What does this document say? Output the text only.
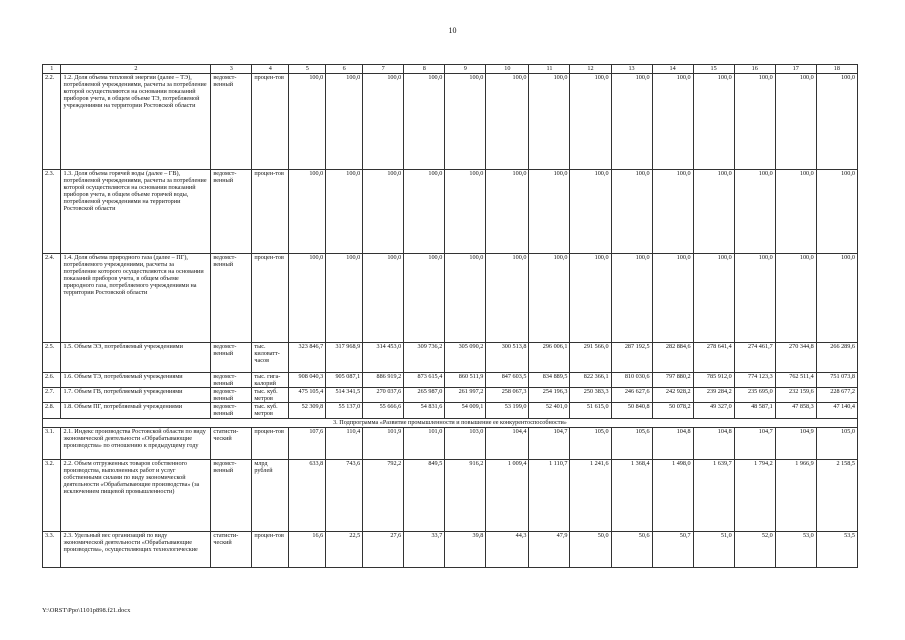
10
1	2	3	4	5	6	7	8	9	10	11	12	13	14	15	16	17	18
2.2.	1.2. Доля объема тепловой энергии (далее – ТЭ), потребляемой учреждениями, расчеты за потребление которой осуществляются на основании показаний приборов учета, в общем объеме ТЭ, потребляемой учреждениями на территории Ростовской области	ведомст-венный	процен-тов	100,0	100,0	100,0	100,0	100,0	100,0	100,0	100,0	100,0	100,0	100,0	100,0	100,0	100,0
2.3.	1.3. Доля объема горячей воды (далее – ГВ), потребляемой учреждениями, расчеты за потребление которой осуществляются на основании показаний приборов учета, в общем объеме горячей воды, потребляемой учреждениями на территории Ростовской области	ведомст-венный	процен-тов	100,0	100,0	100,0	100,0	100,0	100,0	100,0	100,0	100,0	100,0	100,0	100,0	100,0	100,0
2.4.	1.4. Доля объема природного газа (далее – ПГ), потребляемого учреждениями, расчеты за потребление которого осуществляются на основании показаний приборов учета, в общем объеме природного газа, потребляемого учреждениями на территории Ростовской области	ведомст-венный	процен-тов	100,0	100,0	100,0	100,0	100,0	100,0	100,0	100,0	100,0	100,0	100,0	100,0	100,0	100,0
2.5.	1.5. Объем ЭЭ, потребляемый учреждениями	ведомст-венный	тыс. киловатт-часов	323 846,7	317 968,9	314 453,0	309 736,2	305 090,2	300 513,8	296 006,1	291 566,0	287 192,5	282 884,6	278 641,4	274 461,7	270 344,8	266 289,6
2.6.	1.6. Объем ТЭ, потребляемый учреждениями	ведомст-венный	тыс. гига-калорий	908 040,3	905 087,1	886 919,2	873 615,4	860 511,9	847 603,5	834 889,5	822 366,1	810 030,6	797 880,2	785 912,0	774 123,3	762 511,4	751 073,8
2.7.	1.7. Объем ГВ, потребляемый учреждениями	ведомст-венный	тыс. куб. метров	475 105,4	514 341,5	270 037,6	265 987,0	261 997,2	258 067,3	254 196,3	250 383,3	246 627,6	242 928,2	239 284,2	235 695,0	232 159,6	228 677,2
2.8.	1.8. Объем ПГ, потребляемый учреждениями	ведомст-венный	тыс. куб. метров	52 309,8	55 137,0	55 666,6	54 831,6	54 009,1	53 199,0	52 401,0	51 615,0	50 840,8	50 078,2	49 327,0	48 587,1	47 858,3	47 140,4
3. Подпрограмма «Развитие промышленности и повышение ее конкурентоспособности»																	
3.1.	2.1. Индекс производства Ростовской области по виду экономической деятельности «Обрабатывающие производства» по отношению к предыдущему году	статисти-ческий	процен-тов	107,6	110,4	101,9	101,0	103,0	104,4	104,7	105,0	105,6	104,8	104,8	104,7	104,9	105,0
3.2.	2.2. Объем отгруженных товаров собственного производства, выполненных работ и услуг собственными силами по виду экономической деятельности «Обрабатывающие производства» (за исключением пищевой промышленности)	ведомст-венный	млрд рублей	633,8	743,6	792,2	849,5	916,2	1 009,4	1 110,7	1 241,6	1 368,4	1 498,0	1 639,7	1 794,2	1 966,9	2 158,5
3.3.	2.3. Удельный вес организаций по виду экономической деятельности «Обрабатывающие производства», осуществляющих технологические	статисти-ческий	процен-тов	16,6	22,5	27,6	33,7	39,8	44,3	47,9	50,0	50,6	50,7	51,0	52,0	53,0	53,5
Y:\ORST\Ppo\1101p898.f21.docx
